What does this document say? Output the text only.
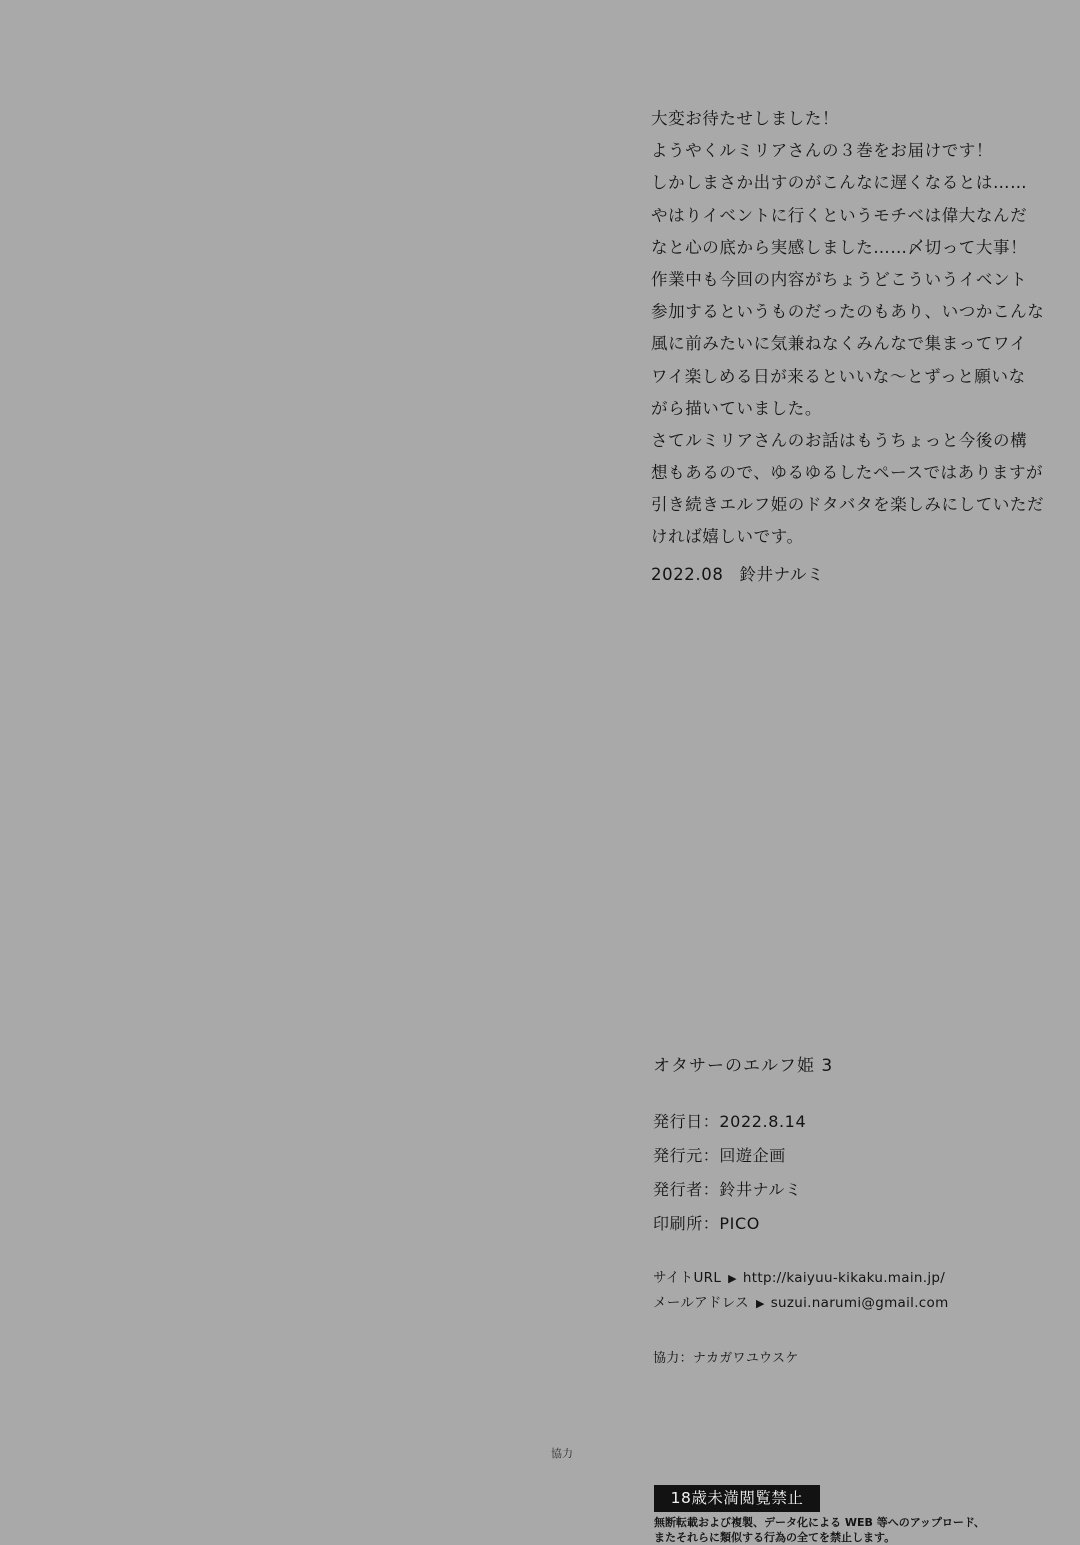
大変お待たせしました！
ようやくルミリアさんの３巻をお届けです！
しかしまさか出すのがこんなに遅くなるとは……
やはりイベントに行くというモチベは偉大なんだ
なと心の底から実感しました……〆切って大事！
作業中も今回の内容がちょうどこういうイベント
参加するというものだったのもあり、いつかこんな
風に前みたいに気兼ねなくみんなで集まってワイ
ワイ楽しめる日が来るといいな～とずっと願いな
がら描いていました。
さてルミリアさんのお話はもうちょっと今後の構
想もあるので、ゆるゆるしたペースではありますが
引き続きエルフ姫のドタバタを楽しみにしていただ
ければ嬉しいです。
2022.08 鈴井ナルミ
オタサーのエルフ姫 3
発行日：2022.8.14
発行元：回遊企画
発行者：鈴井ナルミ
印刷所：PICO
サイトURL ▶ http://kaiyuu-kikaku.main.jp/
メールアドレス ▶ suzui.narumi@gmail.com
協力：ナカガワユウスケ
協力
18歳未満閲覧禁止
無断転載および複製、データ化による WEB 等へのアップロード、
またそれらに類似する行為の全てを禁止します。
